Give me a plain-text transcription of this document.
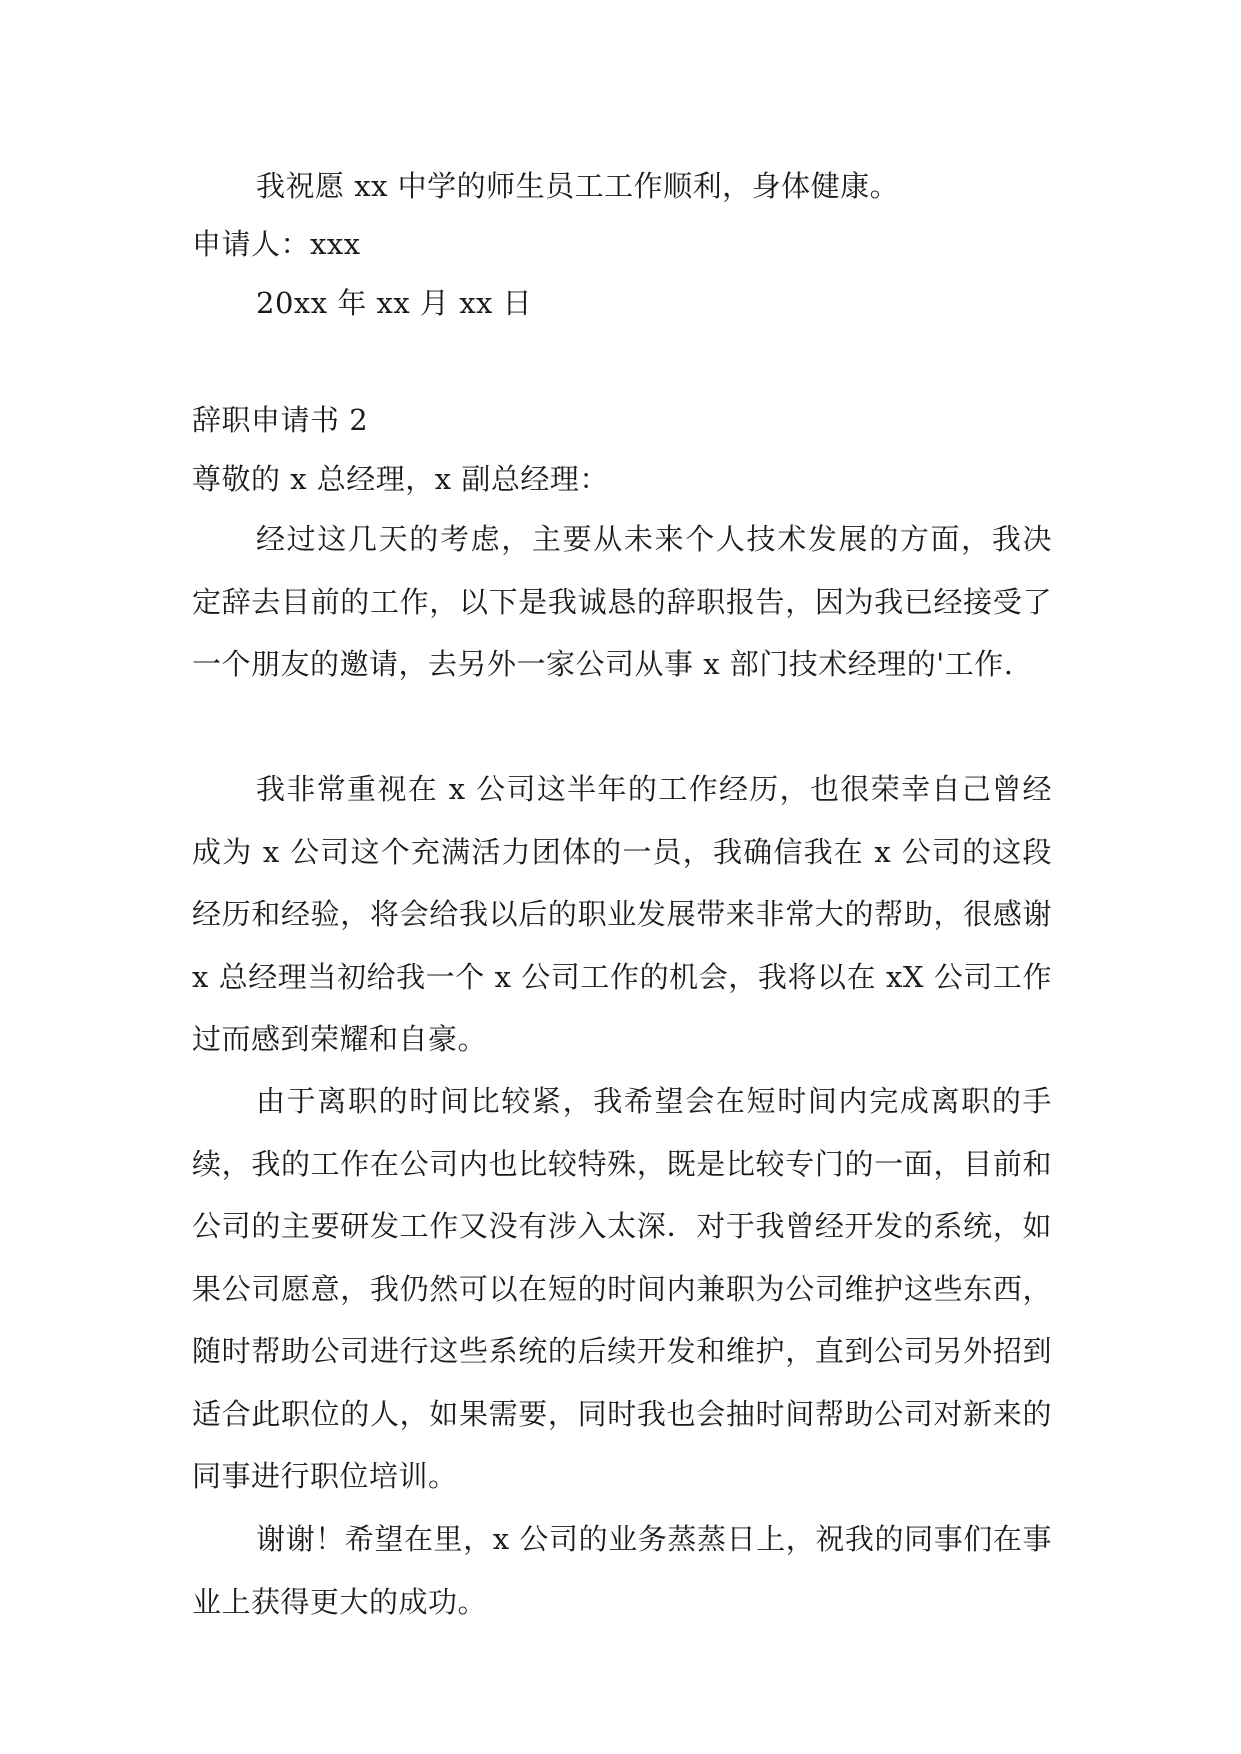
我祝愿 xx 中学的师生员工工作顺利，身体健康。
申请人：xxx
20xx 年 xx 月 xx 日
辞职申请书 2
尊敬的 x 总经理，x 副总经理：
经过这几天的考虑，主要从未来个人技术发展的方面，我决定辞去目前的工作，以下是我诚恳的辞职报告，因为我已经接受了一个朋友的邀请，去另外一家公司从事 x 部门技术经理的'工作.
我非常重视在 x 公司这半年的工作经历，也很荣幸自己曾经成为 x 公司这个充满活力团体的一员，我确信我在 x 公司的这段经历和经验，将会给我以后的职业发展带来非常大的帮助，很感谢 x 总经理当初给我一个 x 公司工作的机会，我将以在 xX 公司工作过而感到荣耀和自豪。
由于离职的时间比较紧，我希望会在短时间内完成离职的手续，我的工作在公司内也比较特殊，既是比较专门的一面，目前和公司的主要研发工作又没有涉入太深．对于我曾经开发的系统，如果公司愿意，我仍然可以在短的时间内兼职为公司维护这些东西，随时帮助公司进行这些系统的后续开发和维护，直到公司另外招到适合此职位的人，如果需要，同时我也会抽时间帮助公司对新来的同事进行职位培训。
谢谢！希望在里，x 公司的业务蒸蒸日上，祝我的同事们在事业上获得更大的成功。
